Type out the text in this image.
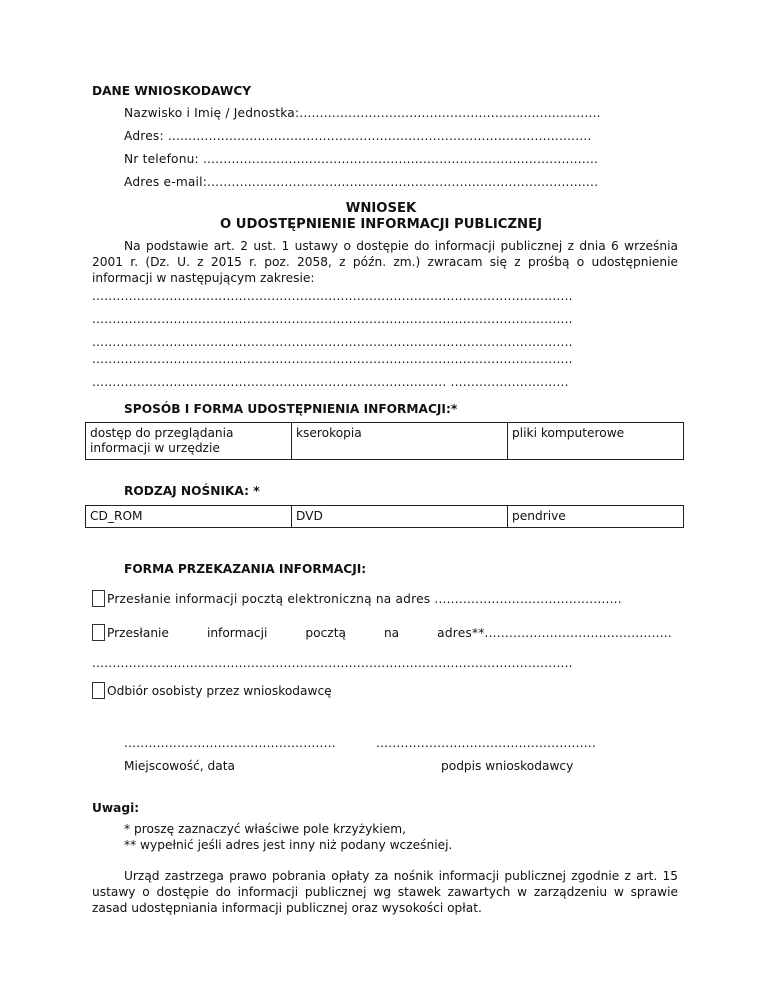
DANE WNIOSKODAWCY
Nazwisko i Imię / Jednostka:..........................................................................
Adres: ........................................................................................................
Nr telefonu: .................................................................................................
Adres e-mail:................................................................................................
WNIOSEK
O UDOSTĘPNIENIE INFORMACJI PUBLICZNEJ
Na podstawie art. 2 ust. 1 ustawy o dostępie do informacji publicznej z dnia 6 września 2001 r. (Dz. U. z 2015 r. poz. 2058, z późn. zm.) zwracam się z prośbą o udostępnienie informacji w następującym zakresie:
......................................................................................................................
......................................................................................................................
......................................................................................................................
......................................................................................................................
....................................................................................... .............................
SPOSÓB I FORMA UDOSTĘPNIENIA INFORMACJI:*
dostęp do przeglądania informacji w urzędzie	kserokopia	pliki komputerowe
RODZAJ NOŚNIKA: *
CD_ROM	DVD	pendrive
FORMA PRZEKAZANIA INFORMACJI:
Przesłanie informacji pocztą elektroniczną na adres ..............................................
Przesłanie	informacji	pocztą	na	adres**..............................................
......................................................................................................................
Odbiór osobisty przez wnioskodawcę
....................................................	......................................................
Miejscowość, data	podpis wnioskodawcy
Uwagi:
* proszę zaznaczyć właściwe pole krzyżykiem,
** wypełnić jeśli adres jest inny niż podany wcześniej.
Urząd zastrzega prawo pobrania opłaty za nośnik informacji publicznej zgodnie z art. 15 ustawy o dostępie do informacji publicznej wg stawek zawartych w zarządzeniu w sprawie zasad udostępniania informacji publicznej oraz wysokości opłat.
